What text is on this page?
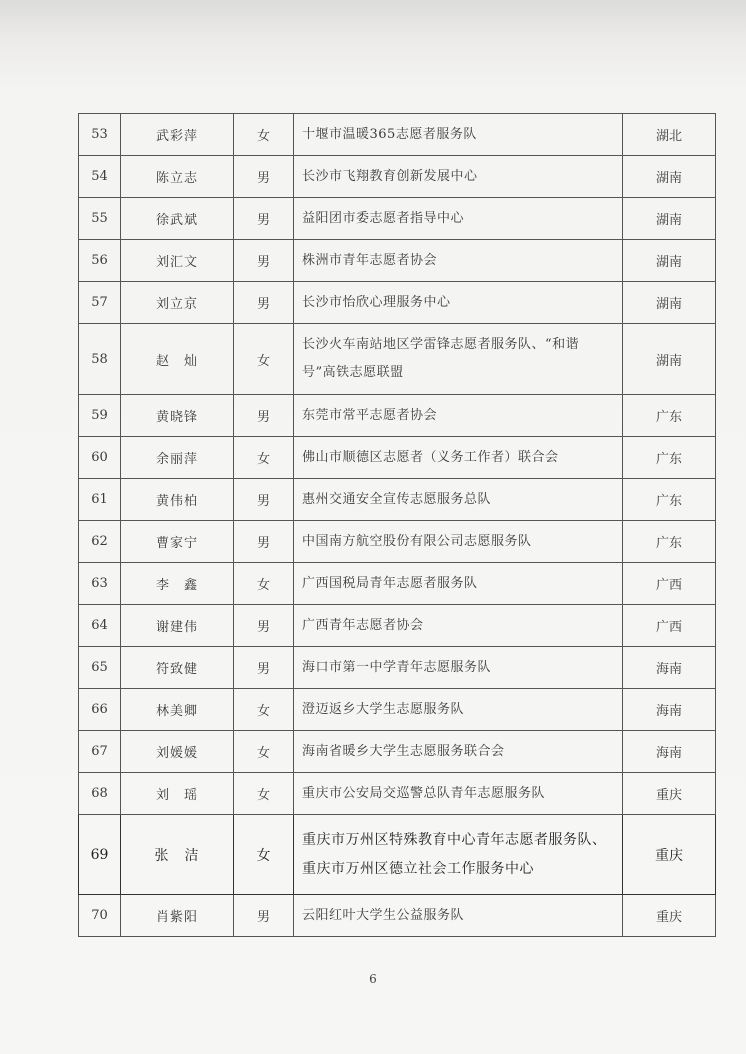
53	武彩萍	女	十堰市温暖365志愿者服务队	湖北
54	陈立志	男	长沙市飞翔教育创新发展中心	湖南
55	徐武斌	男	益阳团市委志愿者指导中心	湖南
56	刘汇文	男	株洲市青年志愿者协会	湖南
57	刘立京	男	长沙市怡欣心理服务中心	湖南
58	赵　灿	女	长沙火车南站地区学雷锋志愿者服务队、“和谐
号”高铁志愿联盟	湖南
59	黄晓锋	男	东莞市常平志愿者协会	广东
60	余丽萍	女	佛山市顺德区志愿者（义务工作者）联合会	广东
61	黄伟柏	男	惠州交通安全宣传志愿服务总队	广东
62	曹家宁	男	中国南方航空股份有限公司志愿服务队	广东
63	李　鑫	女	广西国税局青年志愿者服务队	广西
64	谢建伟	男	广西青年志愿者协会	广西
65	符致健	男	海口市第一中学青年志愿服务队	海南
66	林美卿	女	澄迈返乡大学生志愿服务队	海南
67	刘媛媛	女	海南省暖乡大学生志愿服务联合会	海南
68	刘　瑶	女	重庆市公安局交巡警总队青年志愿服务队	重庆
69	张　洁	女	重庆市万州区特殊教育中心青年志愿者服务队、
重庆市万州区德立社会工作服务中心	重庆
70	肖紫阳	男	云阳红叶大学生公益服务队	重庆
6
